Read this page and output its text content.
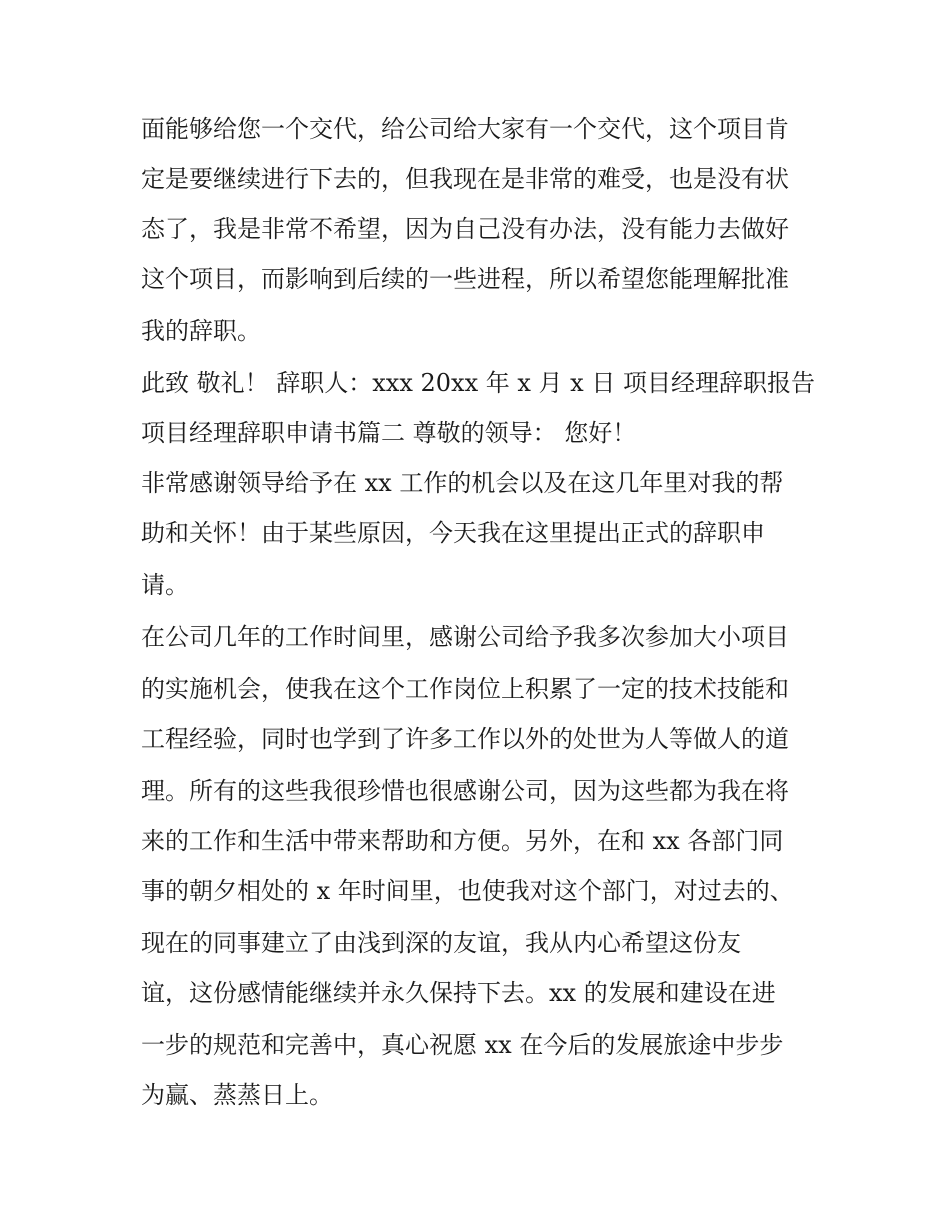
面能够给您一个交代，给公司给大家有一个交代，这个项目肯
定是要继续进行下去的，但我现在是非常的难受，也是没有状
态了，我是非常不希望，因为自己没有办法，没有能力去做好
这个项目，而影响到后续的一些进程，所以希望您能理解批准
我的辞职。
此致 敬礼！ 辞职人：xxx 20xx 年 x 月 x 日 项目经理辞职报告
项目经理辞职申请书篇二 尊敬的领导： 您好！
非常感谢领导给予在 xx 工作的机会以及在这几年里对我的帮
助和关怀！由于某些原因，今天我在这里提出正式的辞职申
请。
在公司几年的工作时间里，感谢公司给予我多次参加大小项目
的实施机会，使我在这个工作岗位上积累了一定的技术技能和
工程经验，同时也学到了许多工作以外的处世为人等做人的道
理。所有的这些我很珍惜也很感谢公司，因为这些都为我在将
来的工作和生活中带来帮助和方便。另外，在和 xx 各部门同
事的朝夕相处的 x 年时间里，也使我对这个部门，对过去的、
现在的同事建立了由浅到深的友谊，我从内心希望这份友
谊，这份感情能继续并永久保持下去。xx 的发展和建设在进
一步的规范和完善中，真心祝愿 xx 在今后的发展旅途中步步
为赢、蒸蒸日上。
